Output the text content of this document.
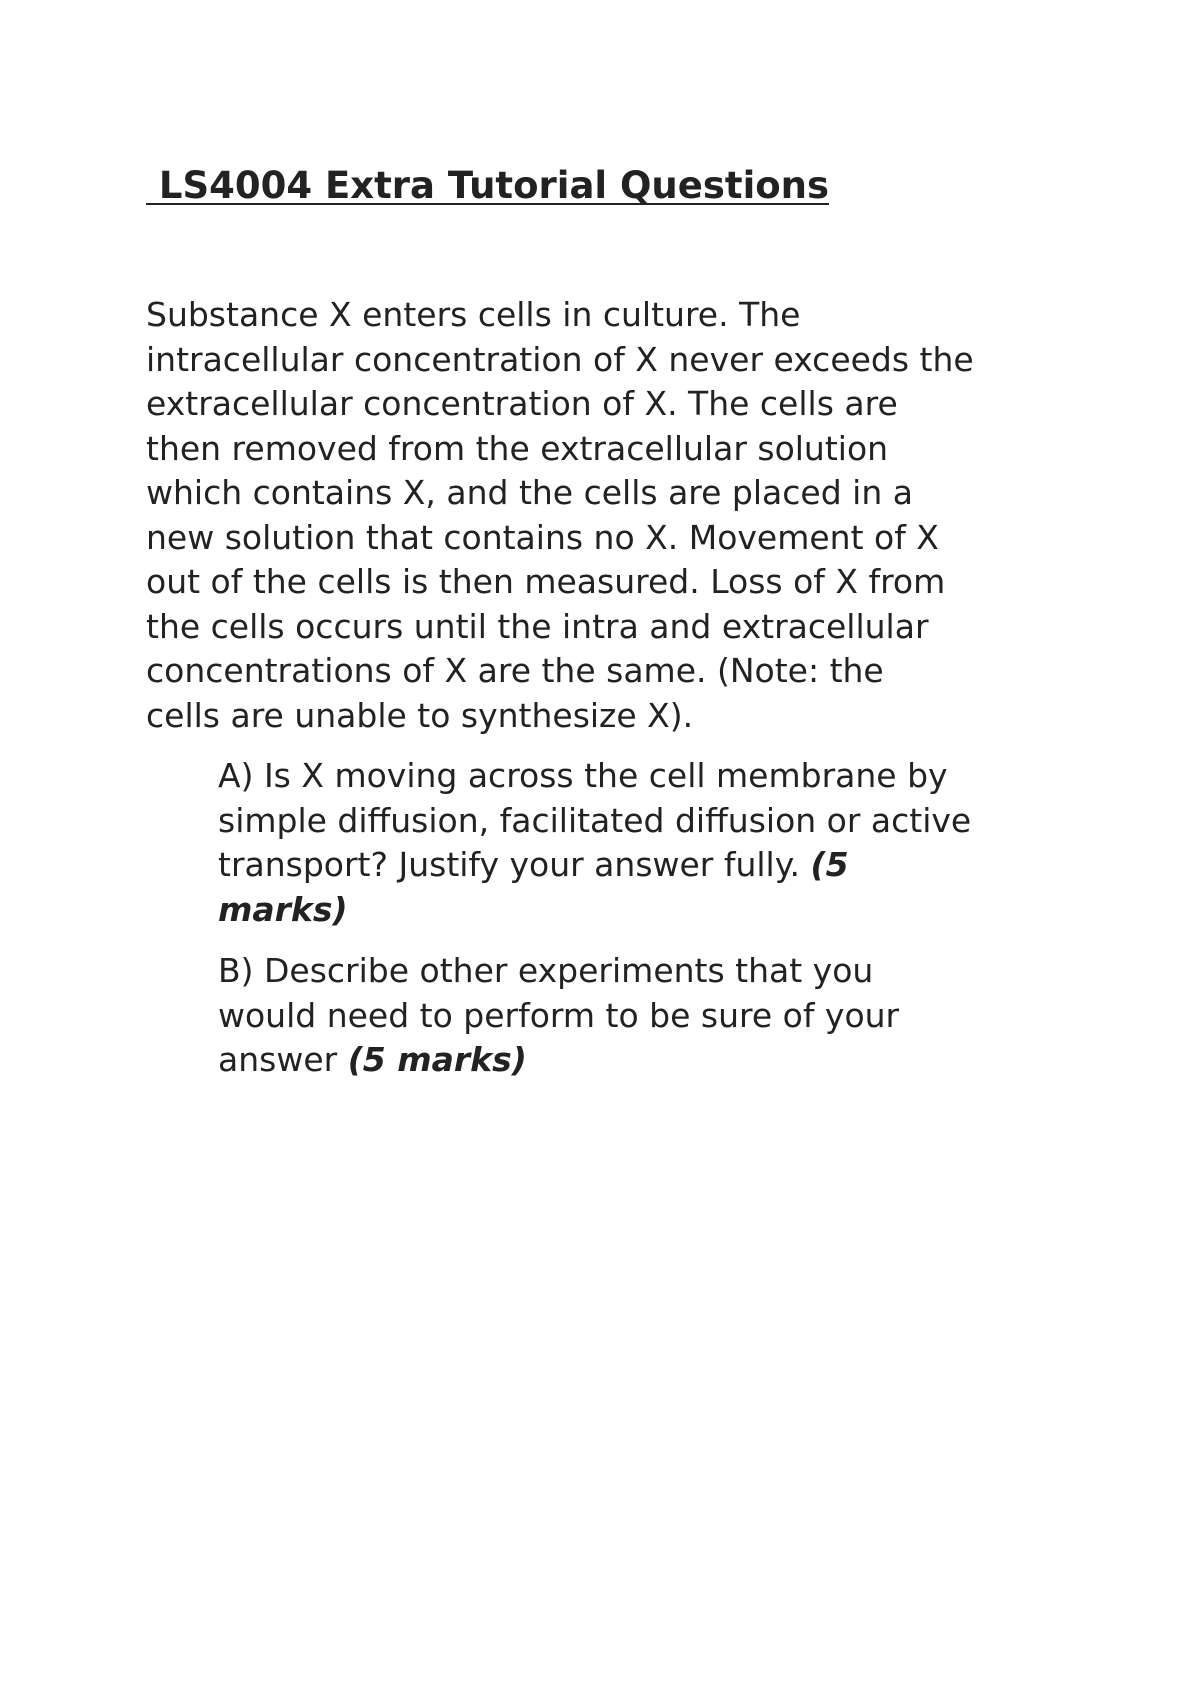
LS4004 Extra Tutorial Questions

Substance X enters cells in culture. The
intracellular concentration of X never exceeds the
extracellular concentration of X. The cells are
then removed from the extracellular solution
which contains X, and the cells are placed in a
new solution that contains no X. Movement of X
out of the cells is then measured. Loss of X from
the cells occurs until the intra and extracellular
concentrations of X are the same. (Note: the
cells are unable to synthesize X).

A) Is X moving across the cell membrane by
simple diffusion, facilitated diffusion or active
transport? Justify your answer fully. (5
marks)
B) Describe other experiments that you
would need to perform to be sure of your
answer (5 marks)
